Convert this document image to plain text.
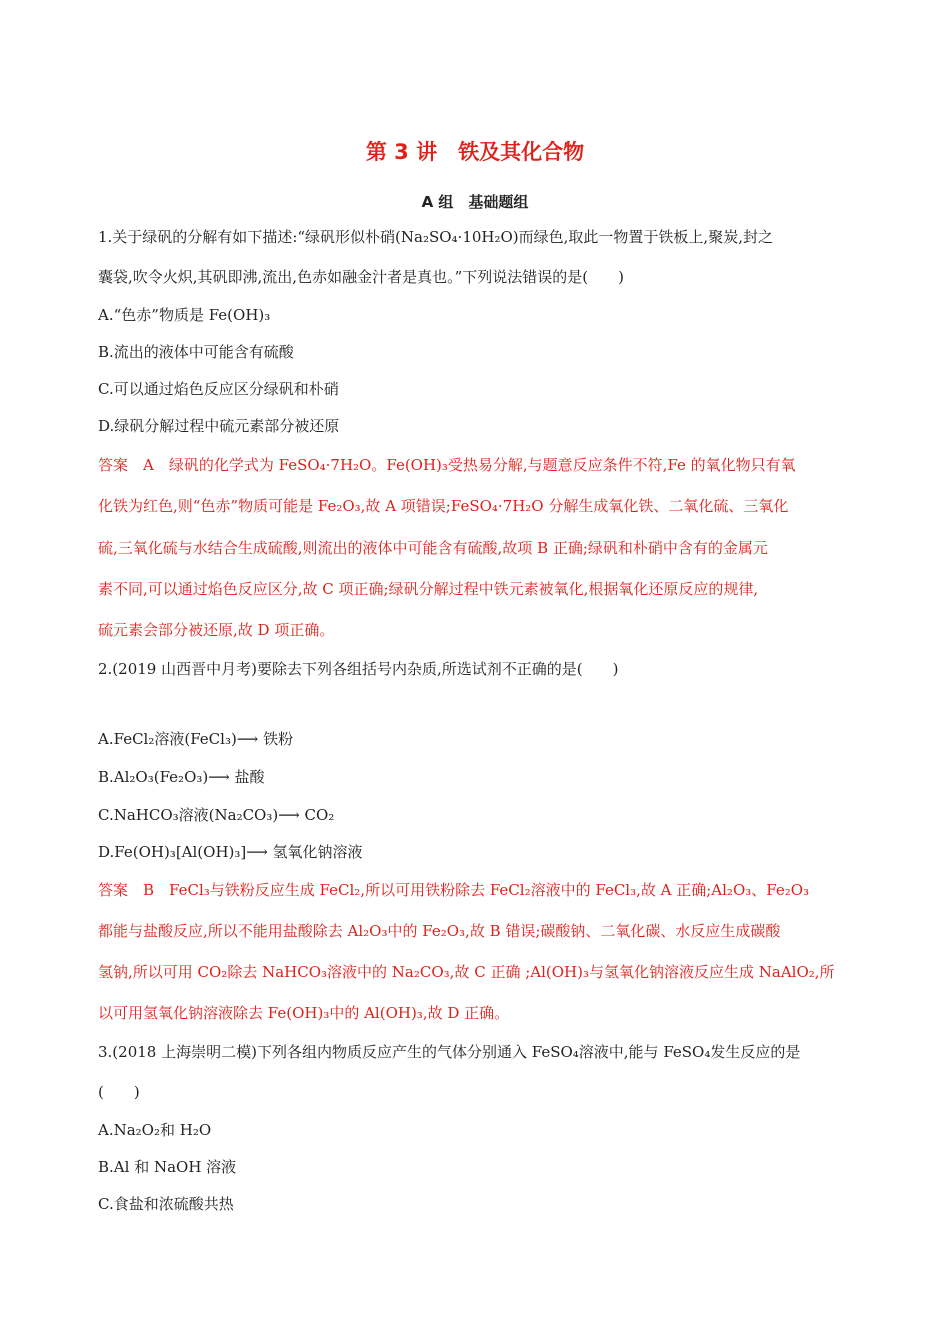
第 3 讲　铁及其化合物
A 组　基础题组
1.关于绿矾的分解有如下描述:“绿矾形似朴硝(Na₂SO₄·10H₂O)而绿色,取此一物置于铁板上,聚炭,封之
囊袋,吹令火炽,其矾即沸,流出,色赤如融金汁者是真也。”下列说法错误的是(　　)
A.“色赤”物质是 Fe(OH)₃
B.流出的液体中可能含有硫酸
C.可以通过焰色反应区分绿矾和朴硝
D.绿矾分解过程中硫元素部分被还原
答案　A　绿矾的化学式为 FeSO₄·7H₂O。Fe(OH)₃受热易分解,与题意反应条件不符,Fe 的氧化物只有氧
化铁为红色,则“色赤”物质可能是 Fe₂O₃,故 A 项错误;FeSO₄·7H₂O 分解生成氧化铁、二氧化硫、三氧化
硫,三氧化硫与水结合生成硫酸,则流出的液体中可能含有硫酸,故项 B 正确;绿矾和朴硝中含有的金属元
素不同,可以通过焰色反应区分,故 C 项正确;绿矾分解过程中铁元素被氧化,根据氧化还原反应的规律,
硫元素会部分被还原,故 D 项正确。
2.(2019 山西晋中月考)要除去下列各组括号内杂质,所选试剂不正确的是(　　)
A.FeCl₂溶液(FeCl₃)⟶ 铁粉
B.Al₂O₃(Fe₂O₃)⟶ 盐酸
C.NaHCO₃溶液(Na₂CO₃)⟶ CO₂
D.Fe(OH)₃[Al(OH)₃]⟶ 氢氧化钠溶液
答案　B　FeCl₃与铁粉反应生成 FeCl₂,所以可用铁粉除去 FeCl₂溶液中的 FeCl₃,故 A 正确;Al₂O₃、Fe₂O₃
都能与盐酸反应,所以不能用盐酸除去 Al₂O₃中的 Fe₂O₃,故 B 错误;碳酸钠、二氧化碳、水反应生成碳酸
氢钠,所以可用 CO₂除去 NaHCO₃溶液中的 Na₂CO₃,故 C 正确 ;Al(OH)₃与氢氧化钠溶液反应生成 NaAlO₂,所
以可用氢氧化钠溶液除去 Fe(OH)₃中的 Al(OH)₃,故 D 正确。
3.(2018 上海崇明二模)下列各组内物质反应产生的气体分别通入 FeSO₄溶液中,能与 FeSO₄发生反应的是
(　　)
A.Na₂O₂和 H₂O
B.Al 和 NaOH 溶液
C.食盐和浓硫酸共热
